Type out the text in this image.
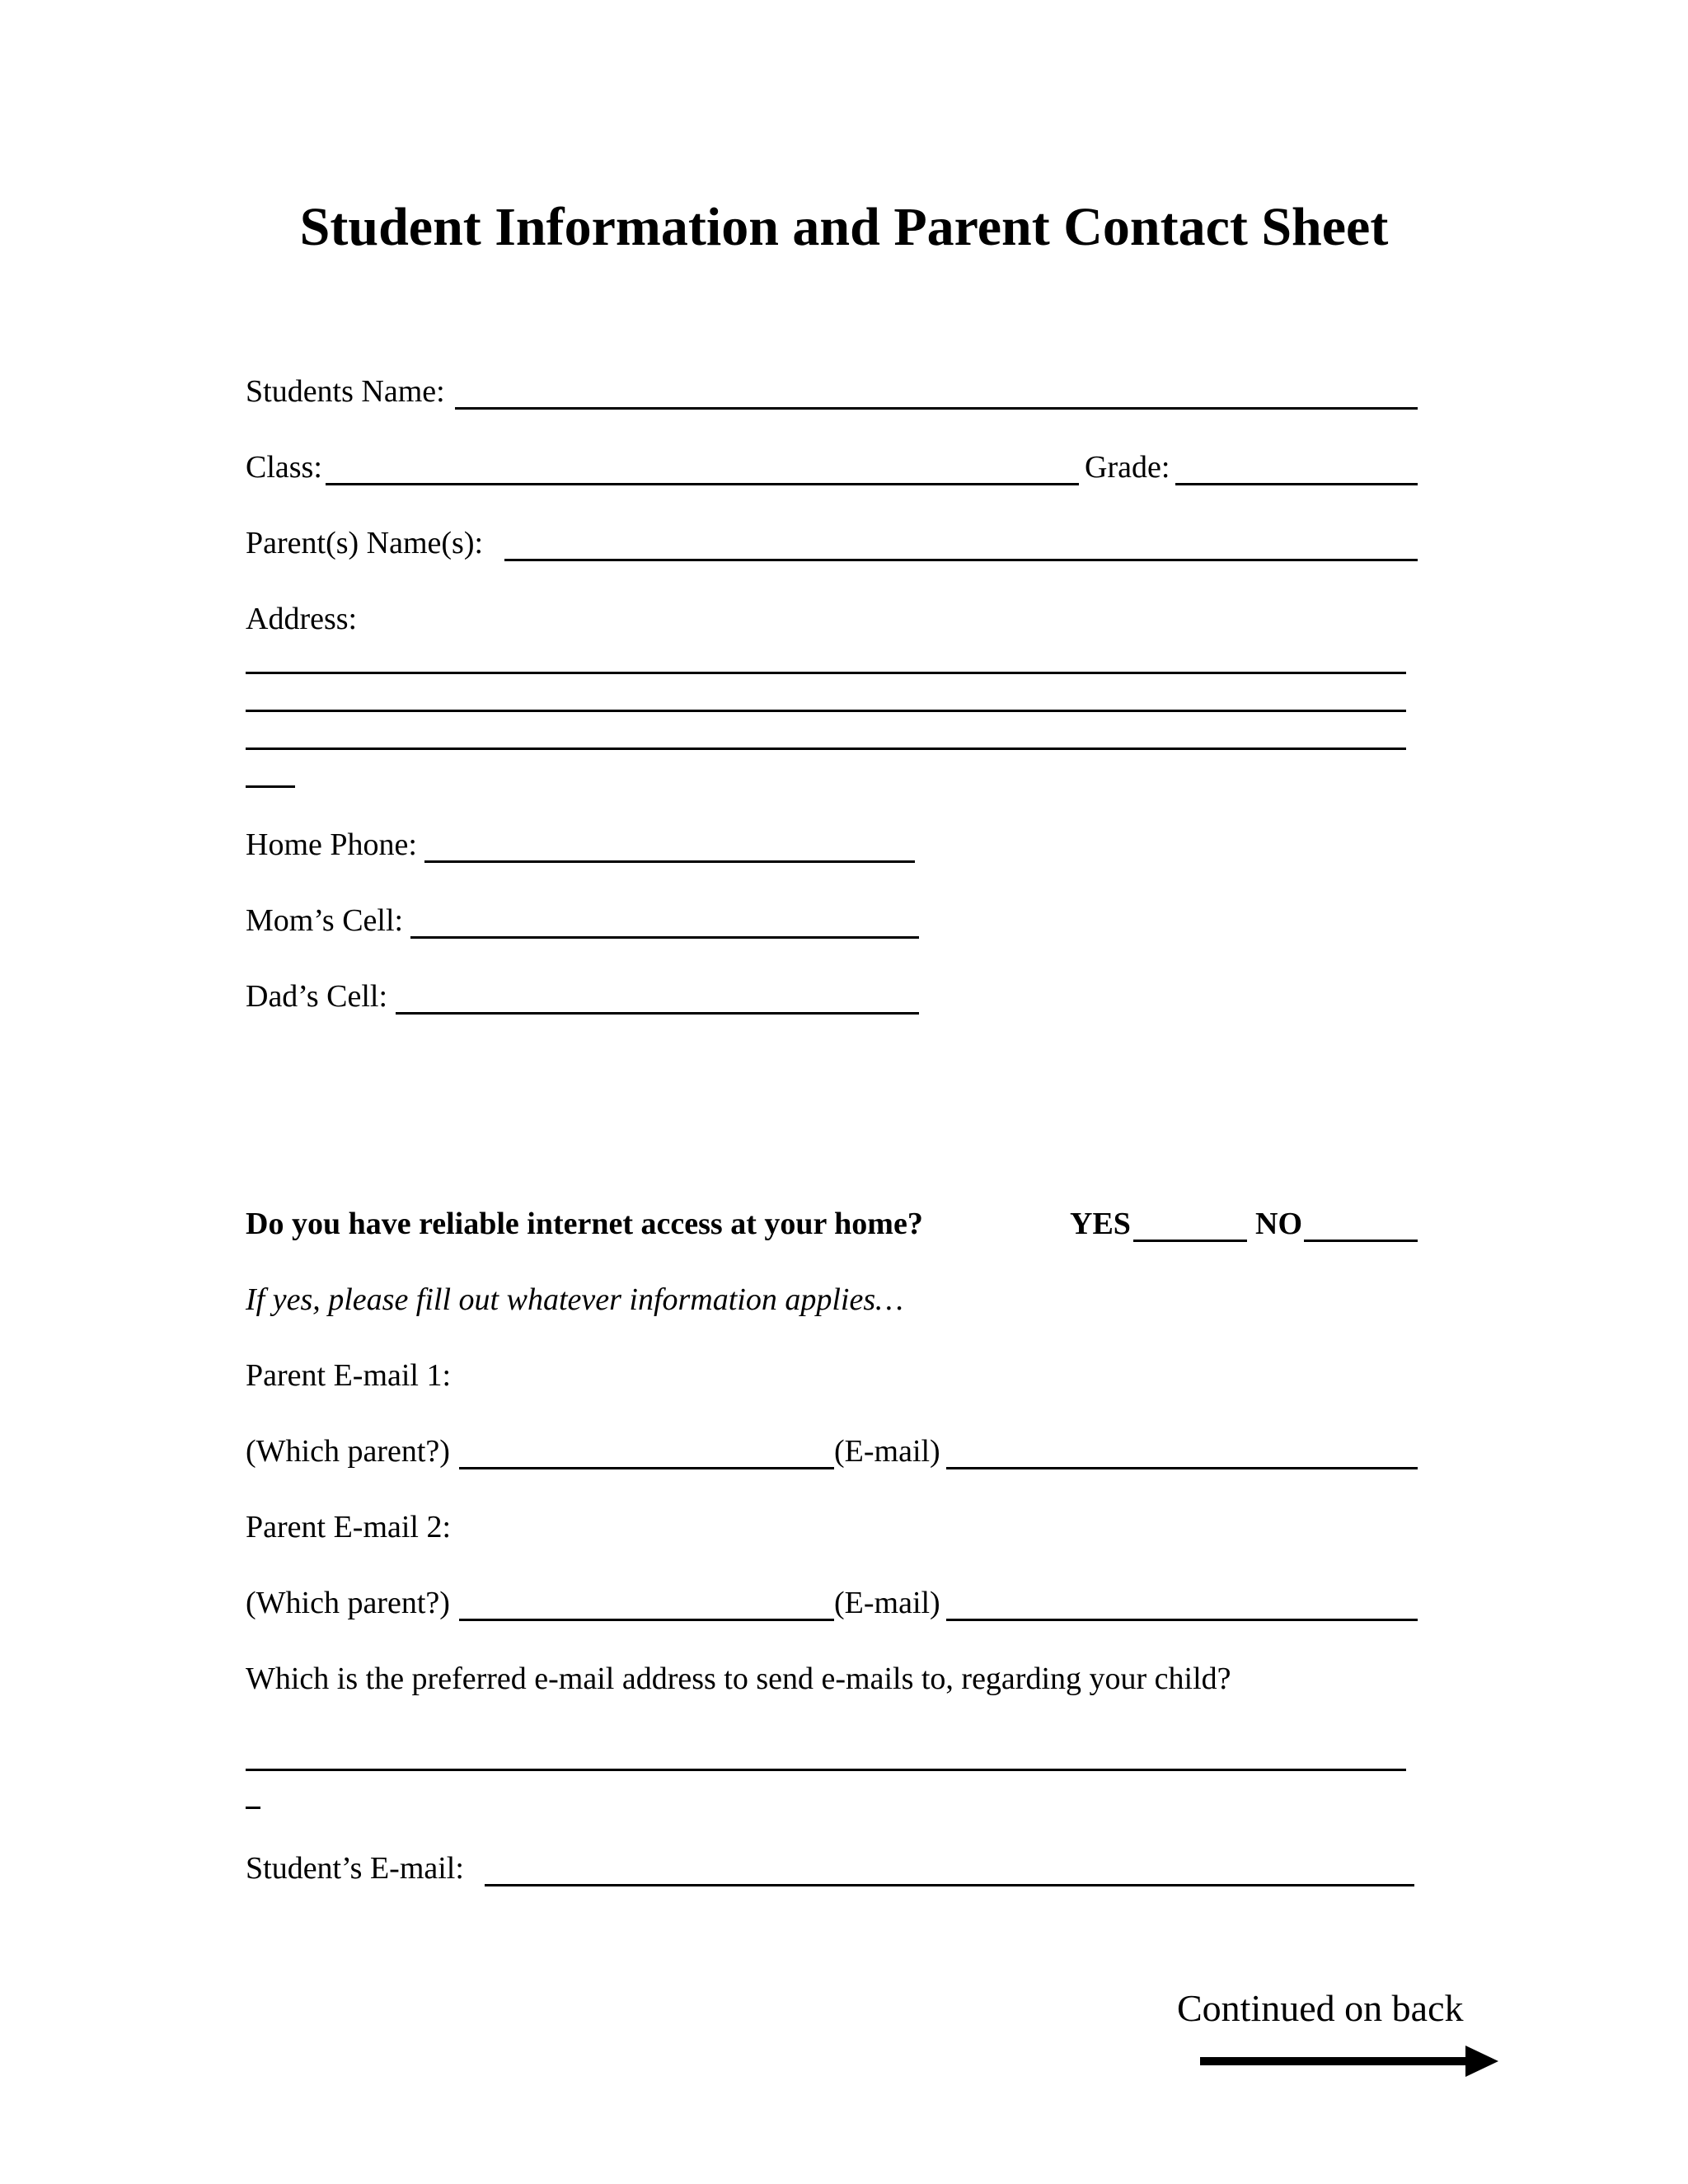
Student Information and Parent Contact Sheet
Students Name:
Class:	Grade:
Parent(s) Name(s):
Address:
Home Phone:
Mom’s Cell:
Dad’s Cell:
Do you have reliable internet access at your home?	YES	NO
If yes, please fill out whatever information applies…
Parent E-mail 1:
(Which parent?)	(E-mail)
Parent E-mail 2:
(Which parent?)	(E-mail)
Which is the preferred e-mail address to send e-mails to, regarding your child?
Student’s E-mail:
Continued on back
